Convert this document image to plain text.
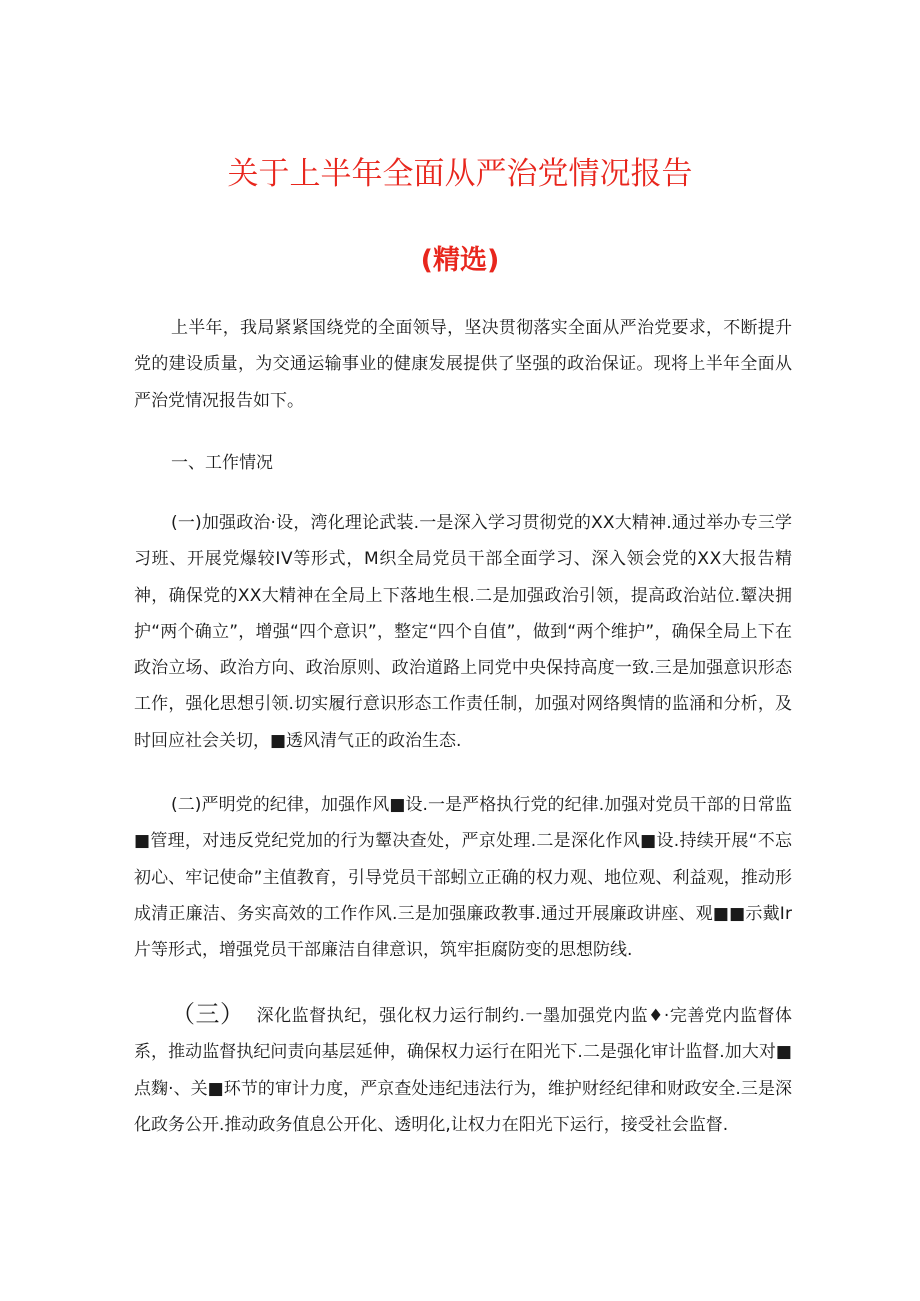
关于上半年全面从严治党情况报告
(精选)

上半年，我局紧紧国绕党的全面领导，坚决贯彻落实全面从严治党要求，不断提升党的建设质量，为交通运输事业的健康发展提供了坚强的政治保证。现将上半年全面从严治党情况报告如下。

一、工作情况

(一)加强政治·设，湾化理论武装.一是深入学习贯彻党的ⅩⅩ大精神.通过举办专三学习班、开展党爆较ⅠⅤ等形式，Μ织全局党员干部全面学习、深入领会党的ⅩⅩ大报告精神，确保党的ⅩⅩ大精神在全局上下落地生根.二是加强政治引领，提高政治站位.颦决拥护“两个确立”，增强“四个意识”，整定“四个自值”，做到“两个维护”，确保全局上下在政治立场、政治方向、政治原则、政治道路上同党中央保持高度一致.三是加强意识形态工作，强化思想引领.切实履行意识形态工作责任制，加强对网络舆情的监涌和分析，及时回应社会关切，■透风清气正的政治生态.

(二)严明党的纪律，加强作风■设.一是严格执行党的纪律.加强对党员干部的日常监■管理，对违反党纪党加的行为颦决查处，严京处理.二是深化作风■设.持续开展“不忘初心、牢记使命”主值教育，引导党员干部蚓立正确的权力观、地位观、利益观，推动形成清正廉洁、务实高效的工作作风.三是加强廉政教事.通过开展廉政讲座、观■■示戴Ⅰr片等形式，增强党员干部廉洁自律意识，筑牢拒腐防变的思想防线.

（三） 深化监督执纪，强化权力运行制约.一墨加强党内监♦·完善党内监督体系，推动监督执纪问责向基层延伸，确保权力运行在阳光下.二是强化审计监督.加大对■点麴·、关■环节的审计力度，严京查处违纪违法行为，维护财经纪律和财政安全.三是深化政务公开.推动政务值息公开化、透明化,让权力在阳光下运行，接受社会监督.
